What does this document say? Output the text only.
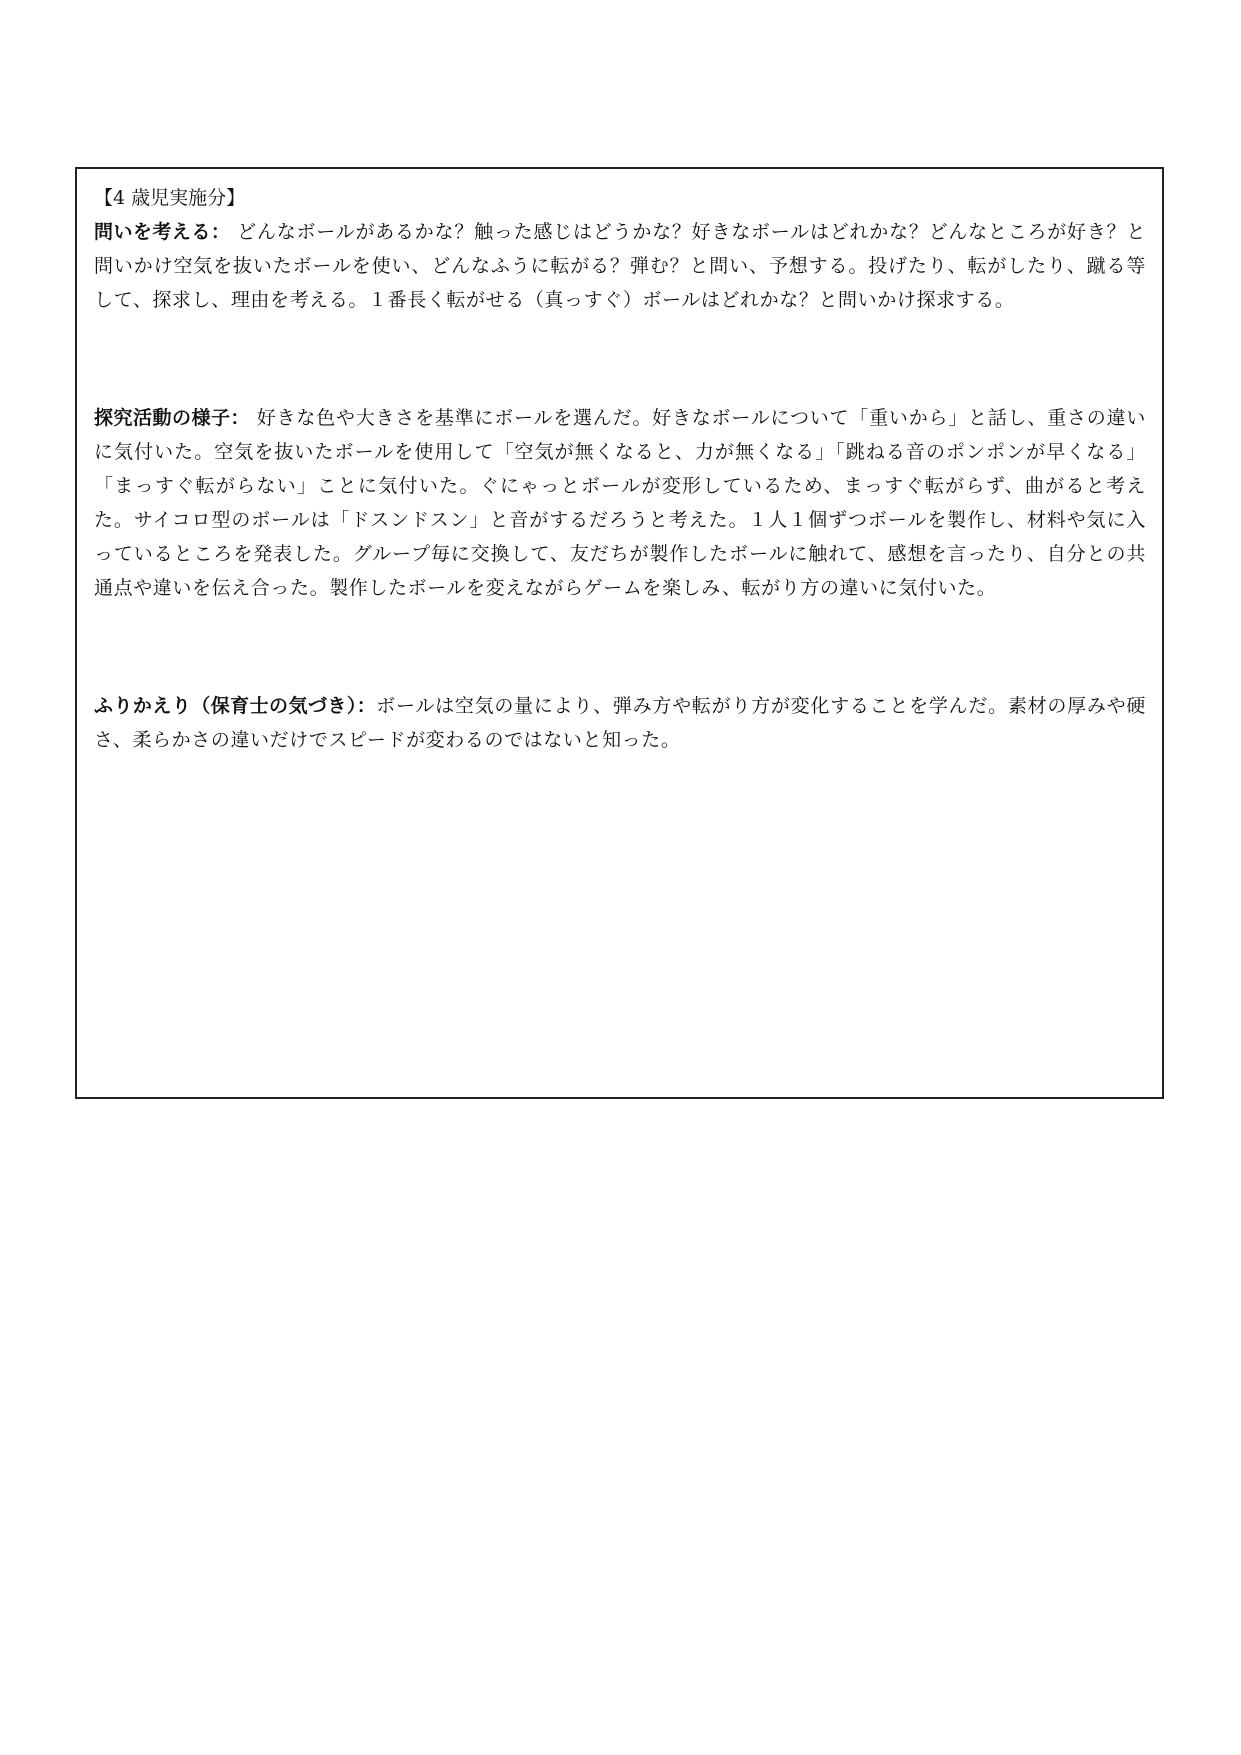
【4 歳児実施分】

問いを考える： どんなボールがあるかな？触った感じはどうかな？好きなボールはどれかな？どんなところが好き？と問いかけ空気を抜いたボールを使い、どんなふうに転がる？弾む？と問い、予想する。投げたり、転がしたり、蹴る等して、探求し、理由を考える。１番長く転がせる（真っすぐ）ボールはどれかな？と問いかけ探求する。

探究活動の様子： 好きな色や大きさを基準にボールを選んだ。好きなボールについて「重いから」と話し、重さの違いに気付いた。空気を抜いたボールを使用して「空気が無くなると、力が無くなる」「跳ねる音のポンポンが早くなる」「まっすぐ転がらない」ことに気付いた。ぐにゃっとボールが変形しているため、まっすぐ転がらず、曲がると考えた。サイコロ型のボールは「ドスンドスン」と音がするだろうと考えた。１人１個ずつボールを製作し、材料や気に入っているところを発表した。グループ毎に交換して、友だちが製作したボールに触れて、感想を言ったり、自分との共通点や違いを伝え合った。製作したボールを変えながらゲームを楽しみ、転がり方の違いに気付いた。

ふりかえり（保育士の気づき）：ボールは空気の量により、弾み方や転がり方が変化することを学んだ。素材の厚みや硬さ、柔らかさの違いだけでスピードが変わるのではないと知った。
